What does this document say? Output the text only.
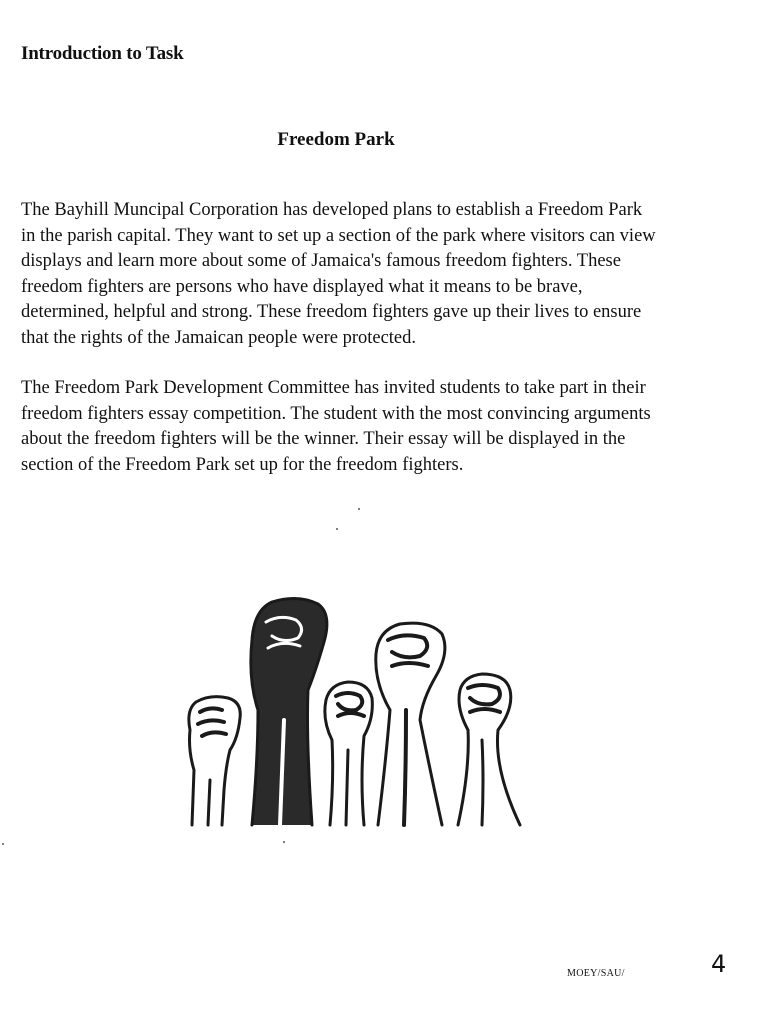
Introduction to Task
Freedom Park

The Bayhill Muncipal Corporation has developed plans to establish a Freedom Park
in the parish capital. They want to set up a section of the park where visitors can view
displays and learn more about some of Jamaica's famous freedom fighters. These
freedom fighters are persons who have displayed what it means to be brave,
determined, helpful and strong. These freedom fighters gave up their lives to ensure
that the rights of the Jamaican people were protected.

The Freedom Park Development Committee has invited students to take part in their
freedom fighters essay competition. The student with the most convincing arguments
about the freedom fighters will be the winner. Their essay will be displayed in the
section of the Freedom Park set up for the freedom fighters.

MOEY/SAU/	4
